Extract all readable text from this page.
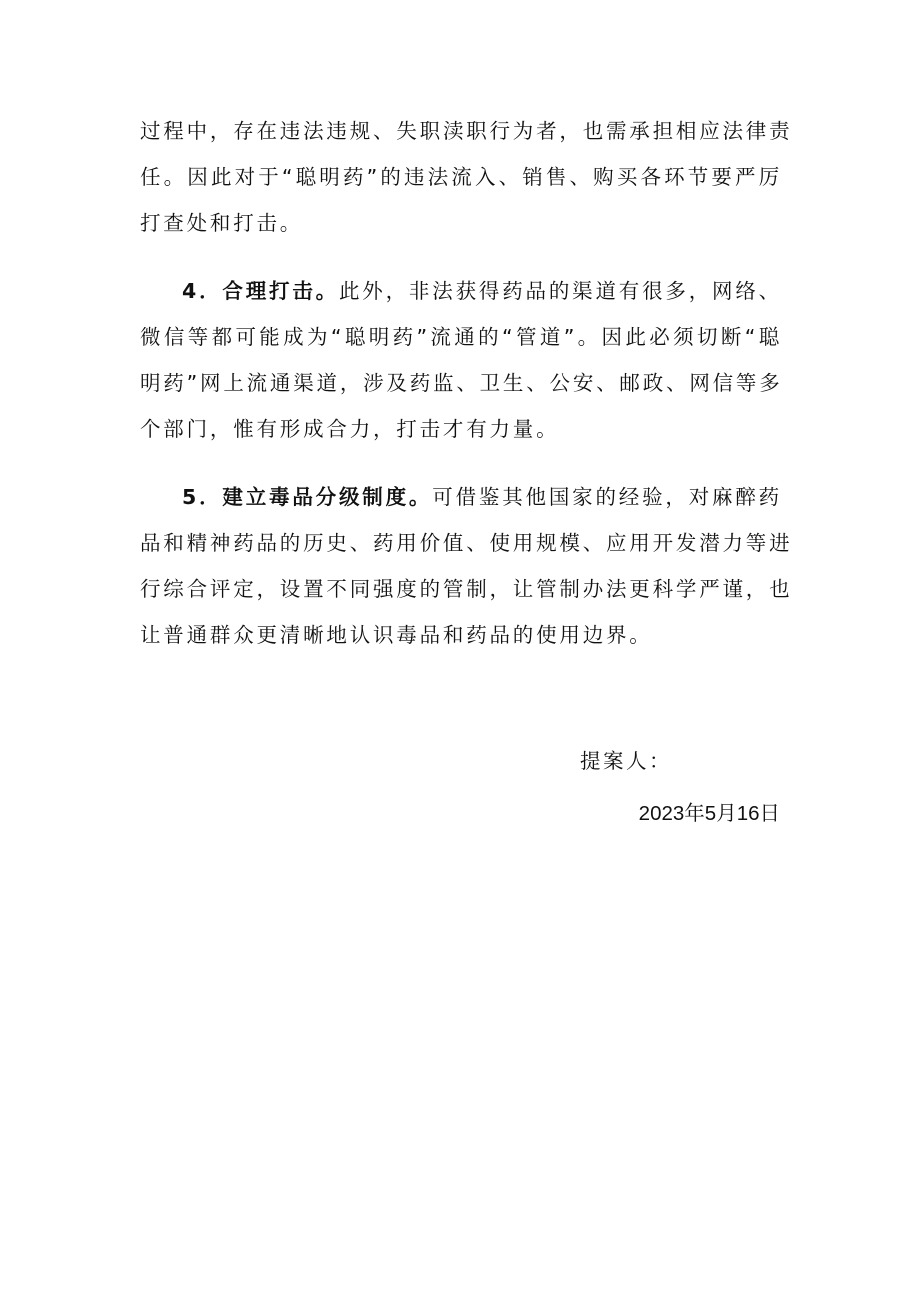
过程中，存在违法违规、失职渎职行为者，也需承担相应法律责
任。因此对于“聪明药”的违法流入、销售、购买各环节要严厉
打查处和打击。
4．合理打击。此外，非法获得药品的渠道有很多，网络、
微信等都可能成为“聪明药”流通的“管道”。因此必须切断“聪
明药”网上流通渠道，涉及药监、卫生、公安、邮政、网信等多
个部门，惟有形成合力，打击才有力量。
5．建立毒品分级制度。可借鉴其他国家的经验，对麻醉药
品和精神药品的历史、药用价值、使用规模、应用开发潜力等进
行综合评定，设置不同强度的管制，让管制办法更科学严谨，也
让普通群众更清晰地认识毒品和药品的使用边界。
提案人：
2023年5月16日
